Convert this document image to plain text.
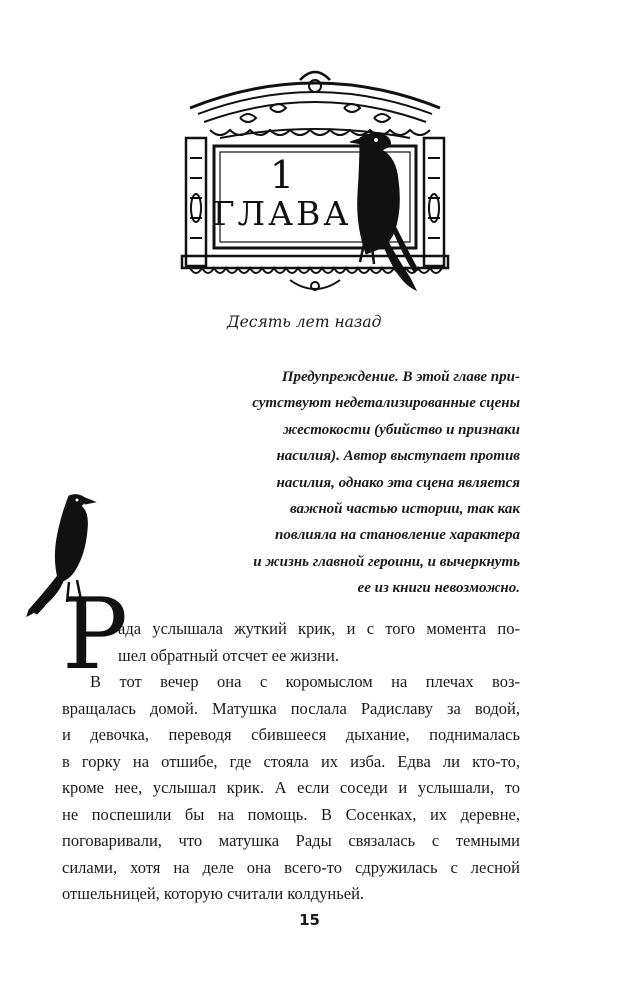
1
ГЛАВА
Десять лет назад
Предупреждение. В этой главе при-
сутствуют недетализированные сцены
жестокости (убийство и признаки
насилия). Автор выступает против
насилия, однако эта сцена является
важной частью истории, так как
повлияла на становление характера
и жизнь главной героини, и вычеркнуть
ее из книги невозможно.
Р
ада услышала жуткий крик, и с того момента по-
шел обратный отсчет ее жизни.
В тот вечер она с коромыслом на плечах воз-
вращалась домой. Матушка послала Радиславу за водой,
и девочка, переводя сбившееся дыхание, поднималась
в горку на отшибе, где стояла их изба. Едва ли кто-то,
кроме нее, услышал крик. А если соседи и услышали, то
не поспешили бы на помощь. В Сосенках, их деревне,
поговаривали, что матушка Рады связалась с темными
силами, хотя на деле она всего-то сдружилась с лесной
отшельницей, которую считали колдуньей.
15
